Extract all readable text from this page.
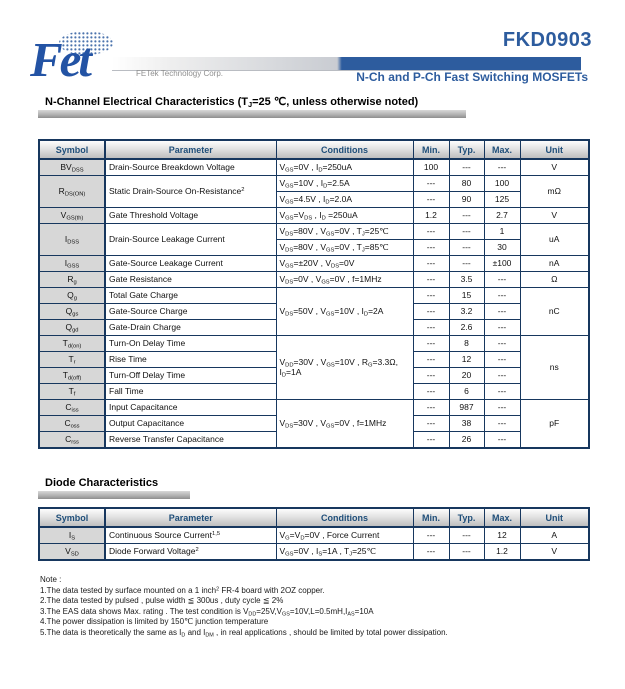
Fet	FETek Technology Corp.
FKD0903
N-Ch and P-Ch Fast Switching MOSFETs
N-Channel Electrical Characteristics ($T_J=25$ ℃, unless otherwise noted)
Symbol	Parameter	Conditions	Min.	Typ.	Max.	Unit
$BV_{DSS}$	Drain-Source Breakdown Voltage	$V_{GS}=0V$ , $I_D=250uA$	100	---	---	V
$R_{DS(ON)}$	Static Drain-Source On-Resistance$^2$	$V_{GS}=10V$ , $I_D=2.5A$	---	80	100	mΩ
		$V_{GS}=4.5V$ , $I_D=2.0A$	---	90	125	
$V_{GS(th)}$	Gate Threshold Voltage	$V_{GS}=V_{DS}$ , $I_D =250uA$	1.2	---	2.7	V
$I_{DSS}$	Drain-Source Leakage Current	$V_{DS}=80V$ , $V_{GS}=0V$ , $T_J=25℃$	---	---	1	uA
		$V_{DS}=80V$ , $V_{GS}=0V$ , $T_J=85℃$	---	---	30	
$I_{GSS}$	Gate-Source Leakage Current	$V_{GS}=\pm 20V$ , $V_{DS}=0V$	---	---	±100	nA
$R_g$	Gate Resistance	$V_{DS}=0V$ , $V_{GS}=0V$ , f=1MHz	---	3.5	---	Ω
$Q_g$	Total Gate Charge	$V_{DS}=50V$ , $V_{GS}=10V$ , $I_D=2A$	---	15	---	nC
$Q_{gs}$	Gate-Source Charge		---	3.2	---	
$Q_{gd}$	Gate-Drain Charge		---	2.6	---	
$T_{d(on)}$	Turn-On Delay Time	$V_{DD}=30V$ , $V_{GS}=10V$ , $R_G=3.3\Omega$, $I_D=1A$	---	8	---	ns
$T_r$	Rise Time		---	12	---	
$T_{d(off)}$	Turn-Off Delay Time		---	20	---	
$T_f$	Fall Time		---	6	---	
$C_{iss}$	Input Capacitance	$V_{DS}=30V$ , $V_{GS}=0V$ , f=1MHz	---	987	---	pF
$C_{oss}$	Output Capacitance		---	38	---	
$C_{rss}$	Reverse Transfer Capacitance		---	26	---	
Diode Characteristics
Symbol	Parameter	Conditions	Min.	Typ.	Max.	Unit
$I_S$	Continuous Source Current$^{1,5}$	$V_G=V_D=0V$ , Force Current	---	---	12	A
$V_{SD}$	Diode Forward Voltage$^2$	$V_{GS}=0V$ , $I_S=1A$ , $T_J=25℃$	---	---	1.2	V
Note :
1.The data tested by surface mounted on a 1 inch$^2$ FR-4 board with 2OZ copper.
2.The data tested by pulsed , pulse width ≦ 300us , duty cycle ≦ 2%
3.The EAS data shows Max. rating . The test condition is $V_{DD}=25V,V_{GS}=10V,L=0.5mH,I_{AS}=10A$
4.The power dissipation is limited by 150℃ junction temperature
5.The data is theoretically the same as $I_D$ and $I_{DM}$ , in real applications , should be limited by total power dissipation.
